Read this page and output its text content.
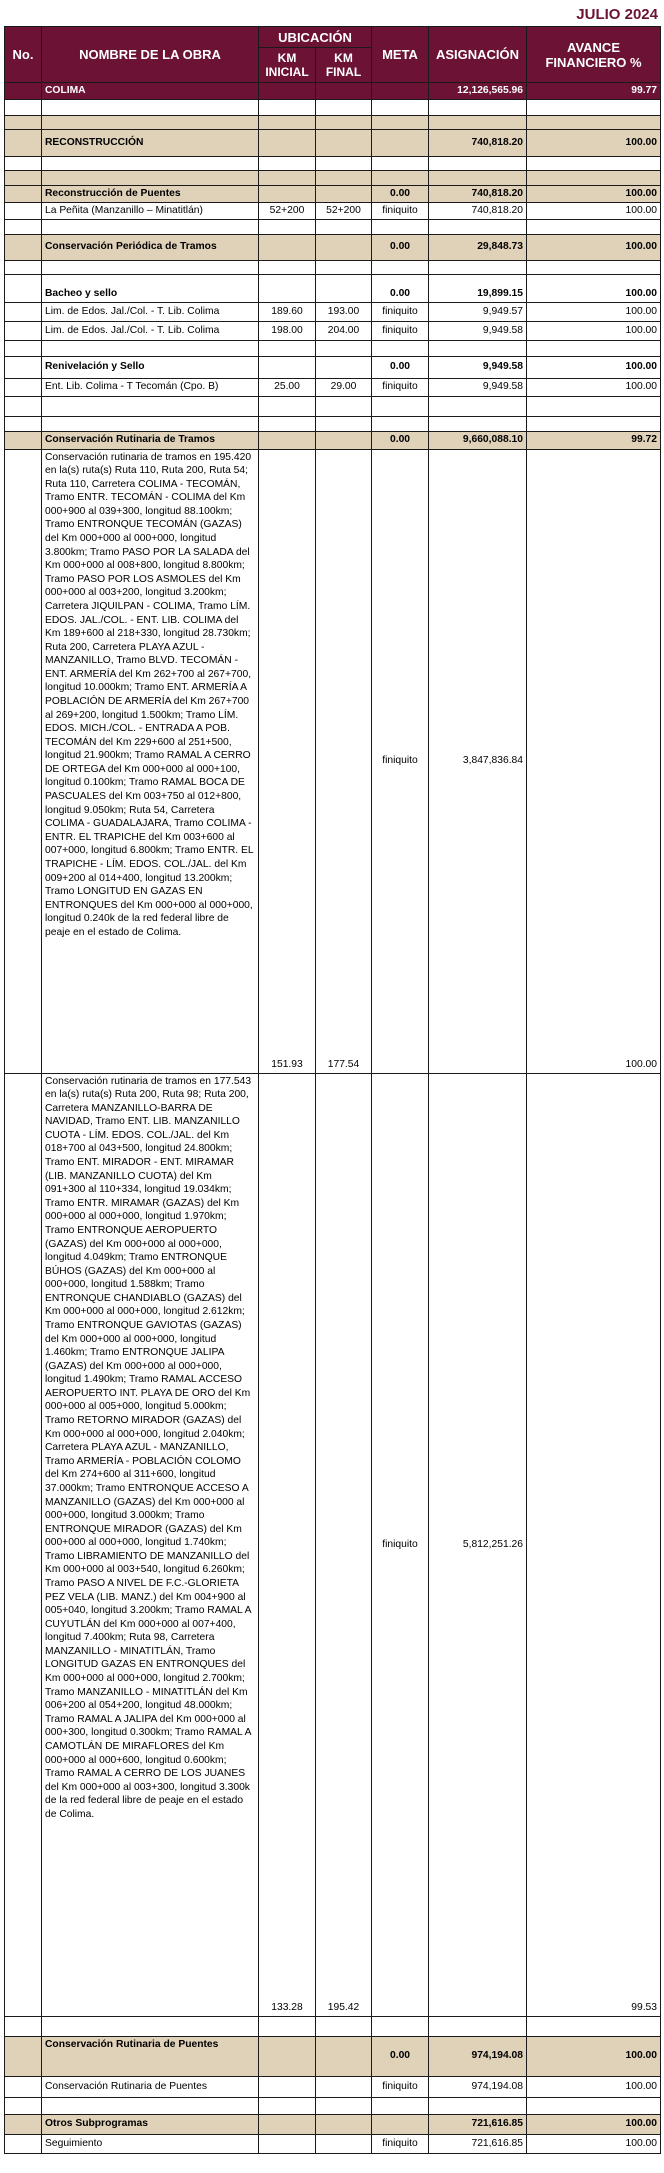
JULIO 2024
No.	NOMBRE DE LA OBRA	UBICACIÓN		META	ASIGNACIÓN	AVANCE FINANCIERO %
		KM INICIAL	KM FINAL			
	COLIMA				12,126,565.96	99.77

	RECONSTRUCCIÓN				740,818.20	100.00

	Reconstrucción de Puentes			0.00	740,818.20	100.00
	La Peñita (Manzanillo – Minatitlán)	52+200	52+200	finiquito	740,818.20	100.00

	Conservación Periódica de Tramos			0.00	29,848.73	100.00

	Bacheo y sello			0.00	19,899.15	100.00
	Lim. de Edos. Jal./Col. - T. Lib. Colima	189.60	193.00	finiquito	9,949.57	100.00
	Lim. de Edos. Jal./Col. - T. Lib. Colima	198.00	204.00	finiquito	9,949.58	100.00

	Renivelación y Sello			0.00	9,949.58	100.00
	Ent. Lib. Colima - T Tecomán (Cpo. B)	25.00	29.00	finiquito	9,949.58	100.00

	Conservación Rutinaria de Tramos			0.00	9,660,088.10	99.72
	Conservación rutinaria de tramos en 195.420 en la(s) ruta(s) Ruta 110, Ruta 200, Ruta 54; Ruta 110, Carretera COLIMA - TECOMÁN, Tramo ENTR. TECOMÁN - COLIMA del Km 000+900 al 039+300, longitud 88.100km; Tramo ENTRONQUE TECOMÁN (GAZAS) del Km 000+000 al 000+000, longitud 3.800km; Tramo PASO POR LA SALADA del Km 000+000 al 008+800, longitud 8.800km; Tramo PASO POR LOS ASMOLES del Km 000+000 al 003+200, longitud 3.200km; Carretera JIQUILPAN - COLIMA, Tramo LÍM. EDOS. JAL./COL. - ENT. LIB. COLIMA del Km 189+600 al 218+330, longitud 28.730km; Ruta 200, Carretera PLAYA AZUL - MANZANILLO, Tramo BLVD. TECOMÁN - ENT. ARMERÍA del Km 262+700 al 267+700, longitud 10.000km; Tramo ENT. ARMERÍA A POBLACIÓN DE ARMERÍA del Km 267+700 al 269+200, longitud 1.500km; Tramo LÍM. EDOS. MICH./COL. - ENTRADA A POB. TECOMÁN del Km 229+600 al 251+500, longitud 21.900km; Tramo RAMAL A CERRO DE ORTEGA del Km 000+000 al 000+100, longitud 0.100km; Tramo RAMAL BOCA DE PASCUALES del Km 003+750 al 012+800, longitud 9.050km; Ruta 54, Carretera COLIMA - GUADALAJARA, Tramo COLIMA - ENTR. EL TRAPICHE del Km 003+600 al 007+000, longitud 6.800km; Tramo ENTR. EL TRAPICHE - LÍM. EDOS. COL./JAL. del Km 009+200 al 014+400, longitud 13.200km; Tramo LONGITUD EN GAZAS EN ENTRONQUES del Km 000+000 al 000+000, longitud 0.240k de la red federal libre de peaje en el estado de Colima.	151.93	177.54	finiquito	3,847,836.84	100.00
	Conservación rutinaria de tramos en 177.543 en la(s) ruta(s) Ruta 200, Ruta 98; Ruta 200, Carretera MANZANILLO-BARRA DE NAVIDAD, Tramo ENT. LIB. MANZANILLO CUOTA - LÍM. EDOS. COL./JAL. del Km 018+700 al 043+500, longitud 24.800km; Tramo ENT. MIRADOR - ENT. MIRAMAR (LIB. MANZANILLO CUOTA) del Km 091+300 al 110+334, longitud 19.034km; Tramo ENTR. MIRAMAR (GAZAS) del Km 000+000 al 000+000, longitud 1.970km; Tramo ENTRONQUE AEROPUERTO (GAZAS) del Km 000+000 al 000+000, longitud 4.049km; Tramo ENTRONQUE BÚHOS (GAZAS) del Km 000+000 al 000+000, longitud 1.588km; Tramo ENTRONQUE CHANDIABLO (GAZAS) del Km 000+000 al 000+000, longitud 2.612km; Tramo ENTRONQUE GAVIOTAS (GAZAS) del Km 000+000 al 000+000, longitud 1.460km; Tramo ENTRONQUE JALIPA (GAZAS) del Km 000+000 al 000+000, longitud 1.490km; Tramo RAMAL ACCESO AEROPUERTO INT. PLAYA DE ORO del Km 000+000 al 005+000, longitud 5.000km; Tramo RETORNO MIRADOR (GAZAS) del Km 000+000 al 000+000, longitud 2.040km; Carretera PLAYA AZUL - MANZANILLO, Tramo ARMERÍA - POBLACIÓN COLOMO del Km 274+600 al 311+600, longitud 37.000km; Tramo ENTRONQUE ACCESO A MANZANILLO (GAZAS) del Km 000+000 al 000+000, longitud 3.000km; Tramo ENTRONQUE MIRADOR (GAZAS) del Km 000+000 al 000+000, longitud 1.740km; Tramo LIBRAMIENTO DE MANZANILLO del Km 000+000 al 003+540, longitud 6.260km; Tramo PASO A NIVEL DE F.C.-GLORIETA PEZ VELA (LIB. MANZ.) del Km 004+900 al 005+040, longitud 3.200km; Tramo RAMAL A CUYUTLÁN del Km 000+000 al 007+400, longitud 7.400km; Ruta 98, Carretera MANZANILLO - MINATITLÁN, Tramo LONGITUD GAZAS EN ENTRONQUES del Km 000+000 al 000+000, longitud 2.700km; Tramo MANZANILLO - MINATITLÁN del Km 006+200 al 054+200, longitud 48.000km; Tramo RAMAL A JALIPA del Km 000+000 al 000+300, longitud 0.300km; Tramo RAMAL A CAMOTLÁN DE MIRAFLORES del Km 000+000 al 000+600, longitud 0.600km; Tramo RAMAL A CERRO DE LOS JUANES del Km 000+000 al 003+300, longitud 3.300k de la red federal libre de peaje en el estado de Colima.	133.28	195.42	finiquito	5,812,251.26	99.53

	Conservación Rutinaria de Puentes			0.00	974,194.08	100.00
	Conservación Rutinaria de Puentes			finiquito	974,194.08	100.00

	Otros Subprogramas				721,616.85	100.00
	Seguimiento			finiquito	721,616.85	100.00
